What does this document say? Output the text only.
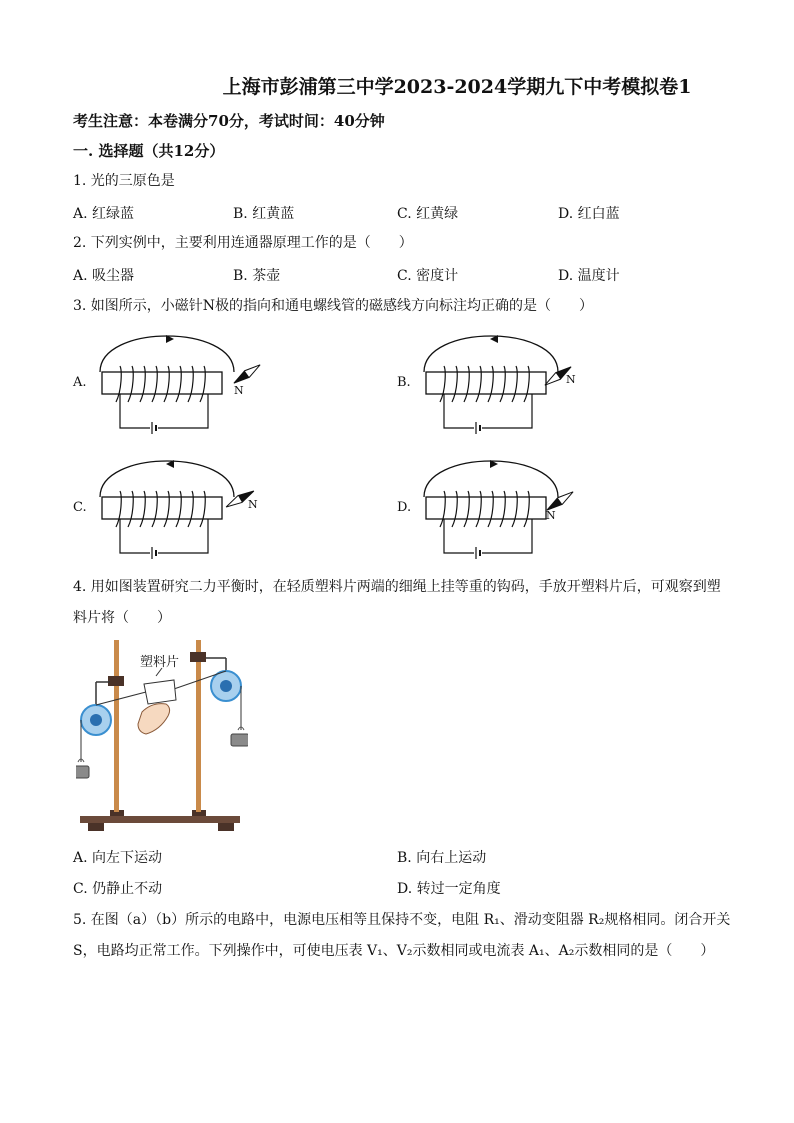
上海市彭浦第三中学2023-2024学期九下中考模拟卷1
考生注意：本卷满分70分，考试时间：40分钟
一. 选择题（共12分）
1. 光的三原色是
A. 红绿蓝	B. 红黄蓝	C. 红黄绿	D. 红白蓝
2. 下列实例中，主要利用连通器原理工作的是（　　）
A. 吸尘器	B. 茶壶	C. 密度计	D. 温度计
3. 如图所示，小磁针N极的指向和通电螺线管的磁感线方向标注均正确的是（　　）
A.	B.
C.	D.
N
N
N
N
4. 用如图装置研究二力平衡时，在轻质塑料片两端的细绳上挂等重的钩码，手放开塑料片后，可观察到塑
料片将（　　）
塑料片
A. 向左下运动	B. 向右上运动
C. 仍静止不动	D. 转过一定角度
5. 在图（a）（b）所示的电路中，电源电压相等且保持不变，电阻 R₁、滑动变阻器 R₂规格相同。闭合开关
S，电路均正常工作。下列操作中，可使电压表 V₁、V₂示数相同或电流表 A₁、A₂示数相同的是（　　）
